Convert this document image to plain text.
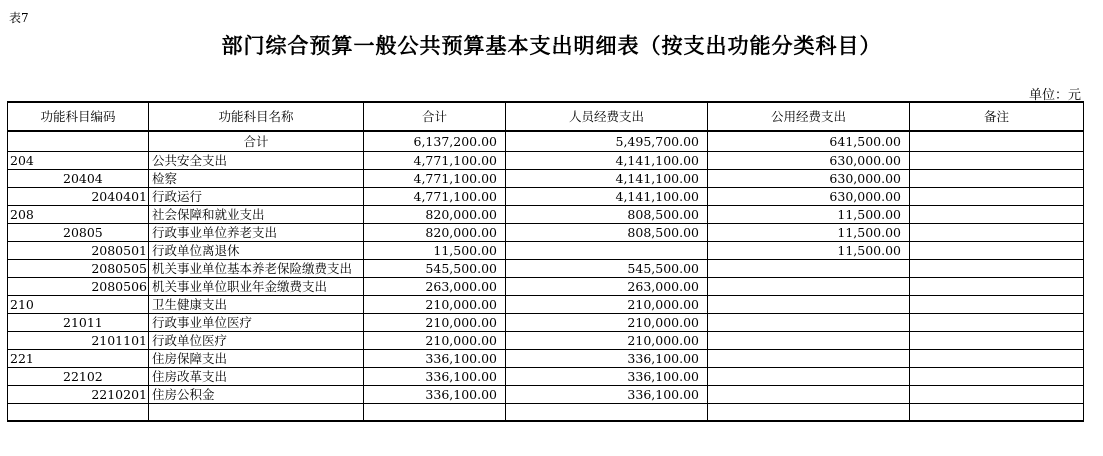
表7
部门综合预算一般公共预算基本支出明细表（按支出功能分类科目）
单位：元
功能科目编码	功能科目名称	合计	人员经费支出	公用经费支出	备注
	合计	6,137,200.00	5,495,700.00	641,500.00	
204	公共安全支出	4,771,100.00	4,141,100.00	630,000.00	
20404	检察	4,771,100.00	4,141,100.00	630,000.00	
2040401	行政运行	4,771,100.00	4,141,100.00	630,000.00	
208	社会保障和就业支出	820,000.00	808,500.00	11,500.00	
20805	行政事业单位养老支出	820,000.00	808,500.00	11,500.00	
2080501	行政单位离退休	11,500.00		11,500.00	
2080505	机关事业单位基本养老保险缴费支出	545,500.00	545,500.00		
2080506	机关事业单位职业年金缴费支出	263,000.00	263,000.00		
210	卫生健康支出	210,000.00	210,000.00		
21011	行政事业单位医疗	210,000.00	210,000.00		
2101101	行政单位医疗	210,000.00	210,000.00		
221	住房保障支出	336,100.00	336,100.00		
22102	住房改革支出	336,100.00	336,100.00		
2210201	住房公积金	336,100.00	336,100.00		
